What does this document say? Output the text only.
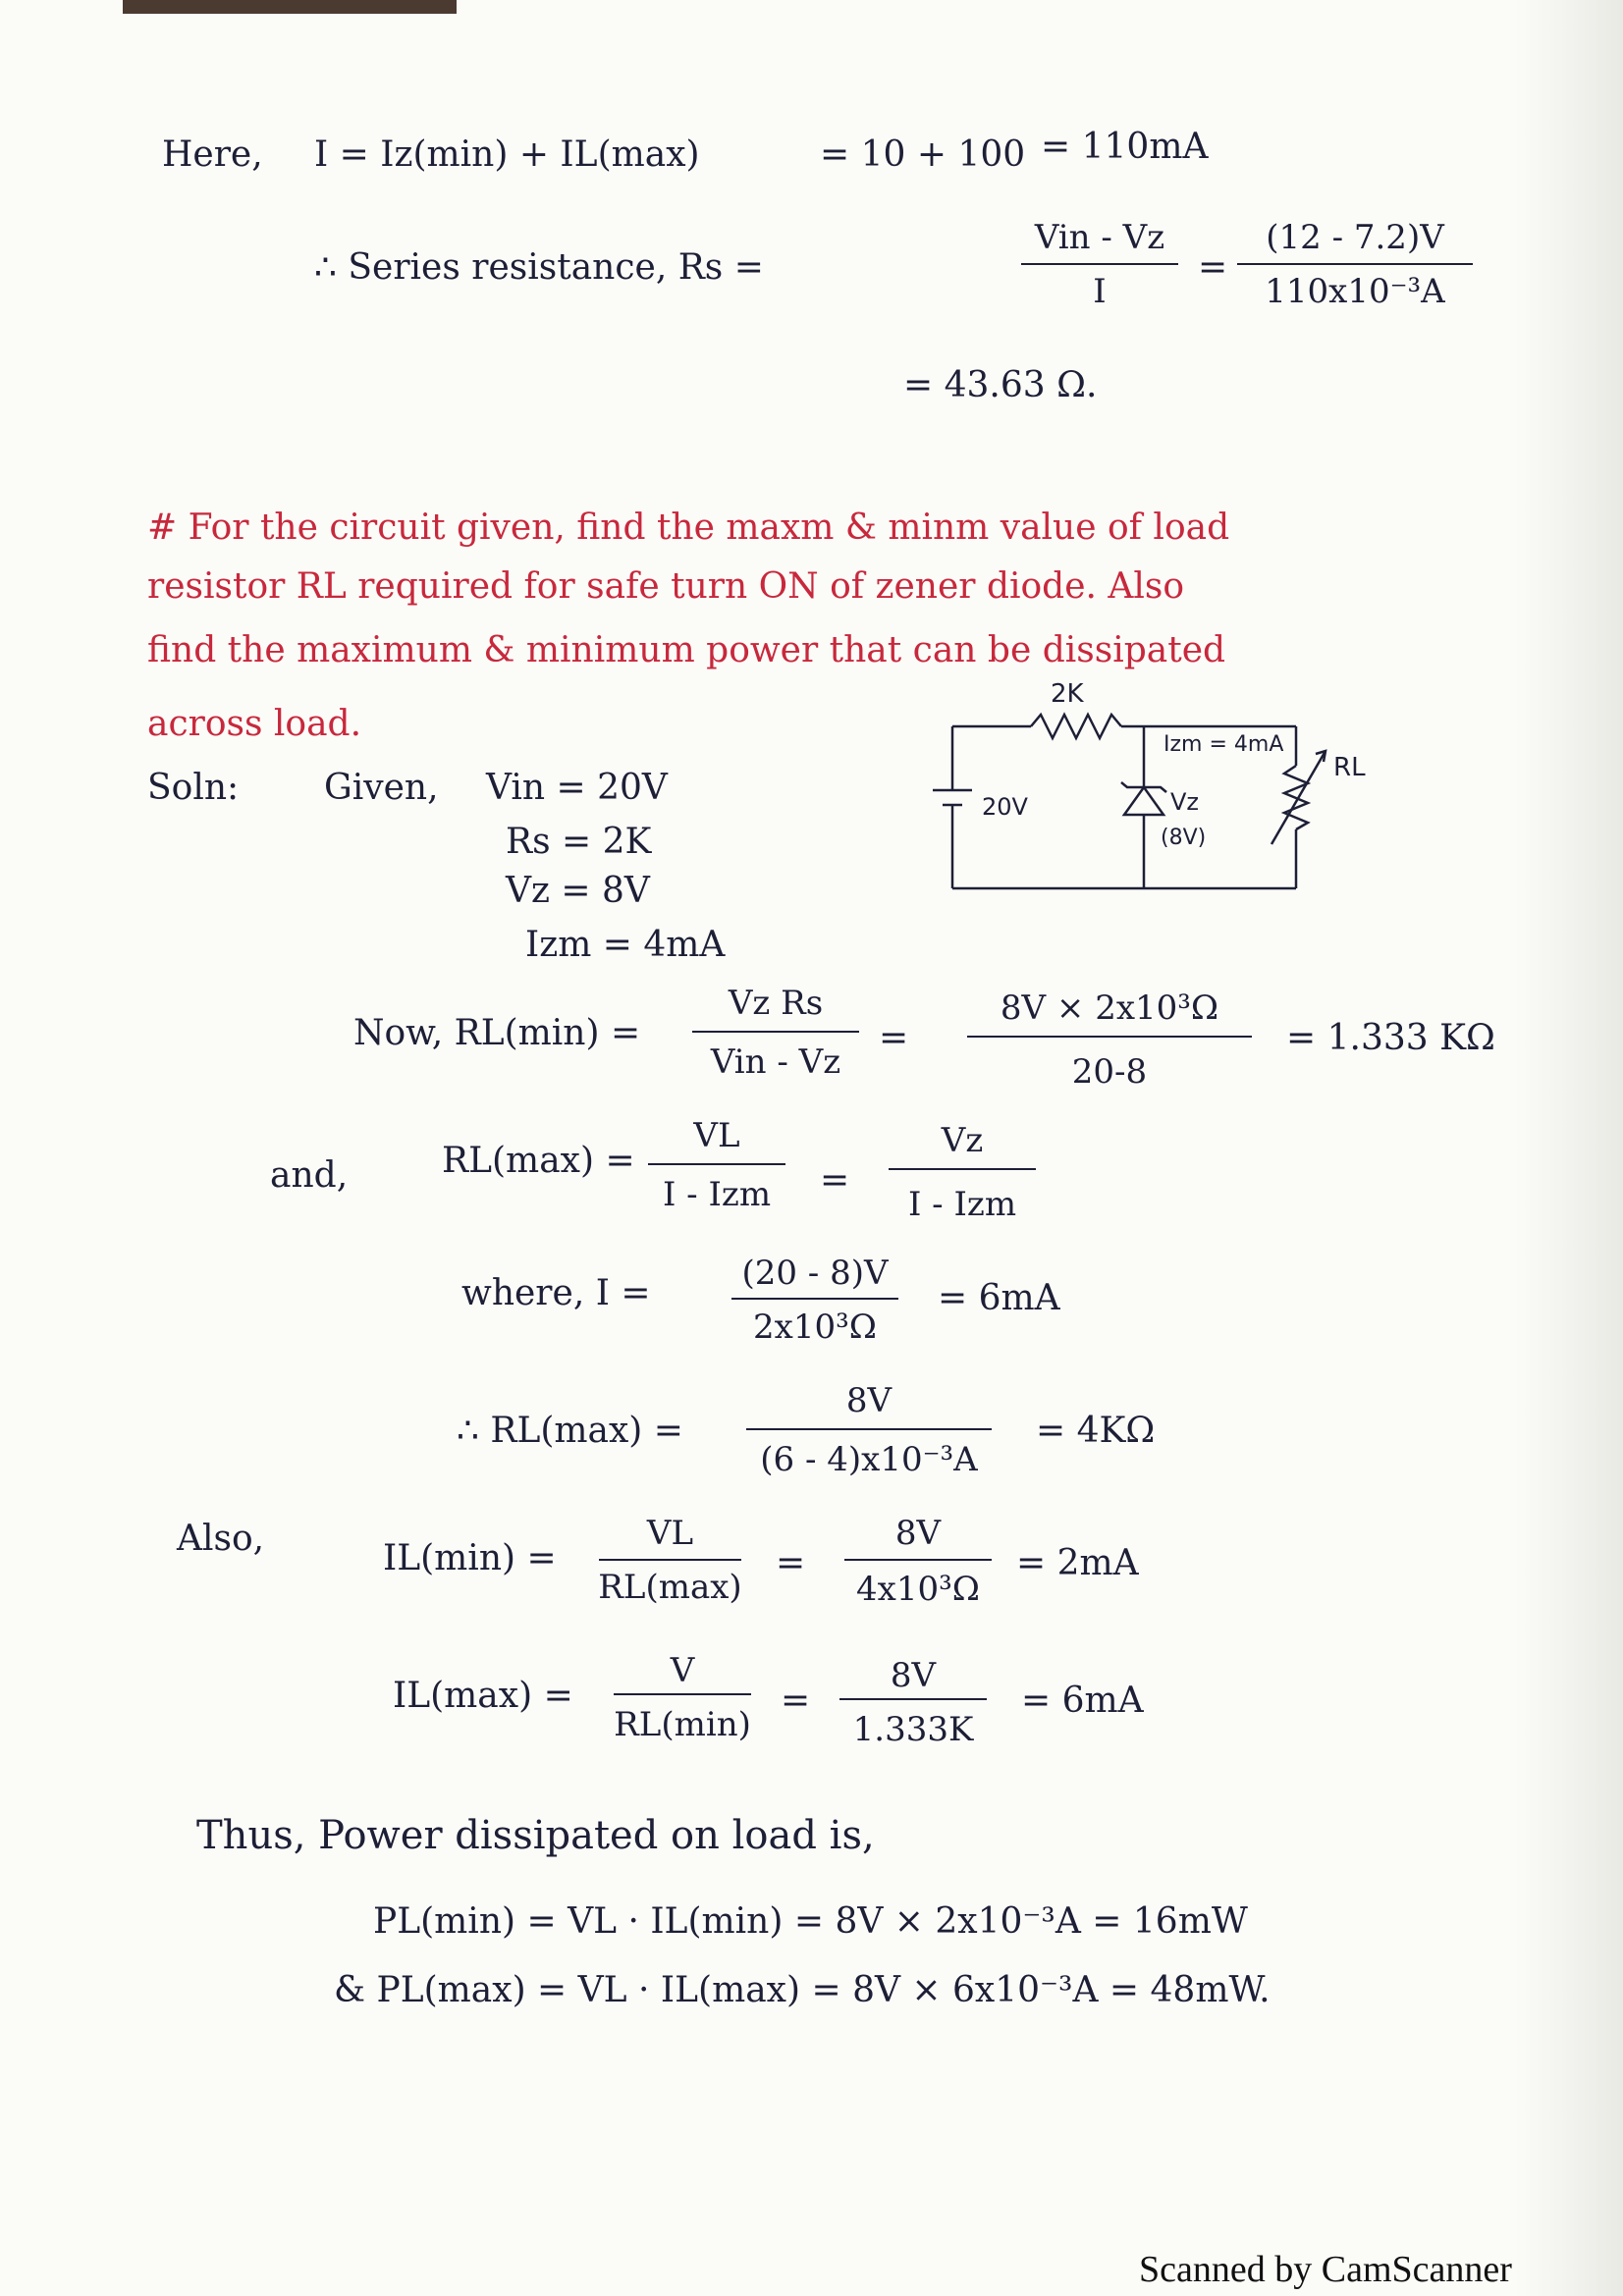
Here, I = Iz(min) + IL(max)	= 10 + 100 = 110mA
∴ Series resistance, Rs =
Vin - Vz
I
=
(12 - 7.2)V
110x10⁻³A
= 43.63 Ω.
# For the circuit given, find the maxm & minm value of load
resistor RL required for safe turn ON of zener diode. Also
find the maximum & minimum power that can be dissipated
across load.
2K
20V
Izm = 4mA
Vz
(8V)
RL
Soln: Given, Vin = 20V
Rs = 2K
Vz = 8V
Izm = 4mA
Now, RL(min) =
Vz Rs
Vin - Vz
=
8V × 2x10³Ω
20-8
= 1.333 KΩ
and,	RL(max) =
VL
I - Izm	=
Vz
I - Izm
where, I =	(20 - 8)V
2x10³Ω
= 6mA
∴ RL(max) =
8V
(6 - 4)x10⁻³A
= 4KΩ
Also,	IL(min) =
VL
RL(max)
=
8V
4x10³Ω
= 2mA
IL(max) =
V
RL(min)
=
8V
1.333K
= 6mA
Thus, Power dissipated on load is,
PL(min) = VL · IL(min) = 8V × 2x10⁻³A = 16mW
& PL(max) = VL · IL(max) = 8V × 6x10⁻³A = 48mW.
Scanned by CamScanner
